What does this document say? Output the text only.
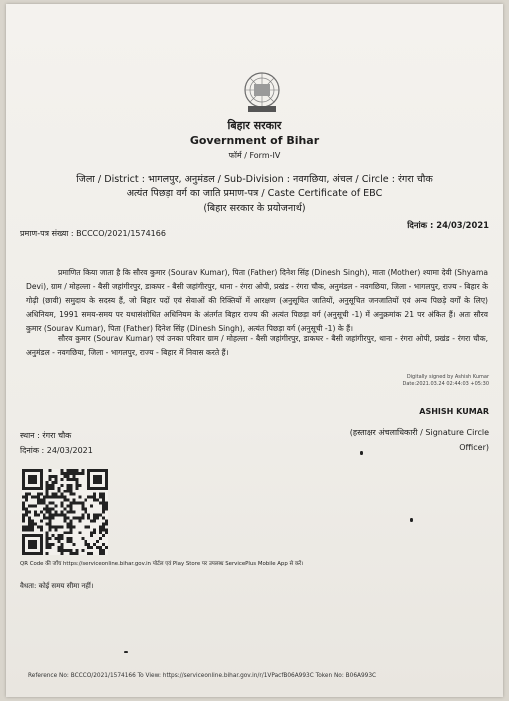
बिहार सरकार
Government of Bihar
फॉर्म / Form-IV
जिला / District : भागलपुर, अनुमंडल / Sub-Division : नवगछिया, अंचल / Circle : रंगरा चौक
अत्यंत पिछड़ा वर्ग का जाति प्रमाण-पत्र / Caste Certificate of EBC
(बिहार सरकार के प्रयोजनार्थ)
प्रमाण-पत्र संख्या : BCCCO/2021/1574166
दिनांक : 24/03/2021
प्रमाणित किया जाता है कि सौरव कुमार (Sourav Kumar), पिता (Father) दिनेश सिंह (Dinesh Singh), माता (Mother) श्यामा देवी (Shyama Devi), ग्राम / मोहल्ला - बैसी जहांगीरपुर, डाकघर - बैसी जहांगीरपुर, थाना - रंगरा ओपी, प्रखंड - रंगरा चौक, अनुमंडल - नवगछिया, जिला - भागलपुर, राज्य - बिहार के गोढ़ी (छावी) समुदाय के सदस्य हैं, जो बिहार पदों एवं सेवाओं की रिक्तियों में आरक्षण (अनुसूचित जातियों, अनुसूचित जनजातियों एवं अन्य पिछड़े वर्गों के लिए) अधिनियम, 1991 समय-समय पर यथासंशोधित अधिनियम के अंतर्गत बिहार राज्य की अत्यंत पिछड़ा वर्ग (अनुसूची -1) में अनुक्रमांक 21 पर अंकित हैं। अतः सौरव कुमार (Sourav Kumar), पिता (Father) दिनेश सिंह (Dinesh Singh), अत्यंत पिछड़ा वर्ग (अनुसूची -1) के हैं।
सौरव कुमार (Sourav Kumar) एवं उनका परिवार ग्राम / मोहल्ला - बैसी जहांगीरपुर, डाकघर - बैसी जहांगीरपुर, थाना - रंगरा ओपी, प्रखंड - रंगरा चौक, अनुमंडल - नवगछिया, जिला - भागलपुर, राज्य - बिहार में निवास करते हैं।
Digitally signed by Ashish Kumar
Date:2021.03.24 02:44:03 +05:30
ASHISH KUMAR
(हस्ताक्षर अंचलाधिकारी / Signature Circle
Officer)
स्थान : रंगरा चौक
दिनांक : 24/03/2021
QR Code की जाँच https://serviceonline.bihar.gov.in पोर्टल एवं Play Store पर उपलब्ध ServicePlus Mobile App से करें।
वैधता: कोई समय सीमा नहीं।
Reference No: BCCCO/2021/1574166 To View: https://serviceonline.bihar.gov.in/r/1VPacfB06A993C Token No: B06A993C
